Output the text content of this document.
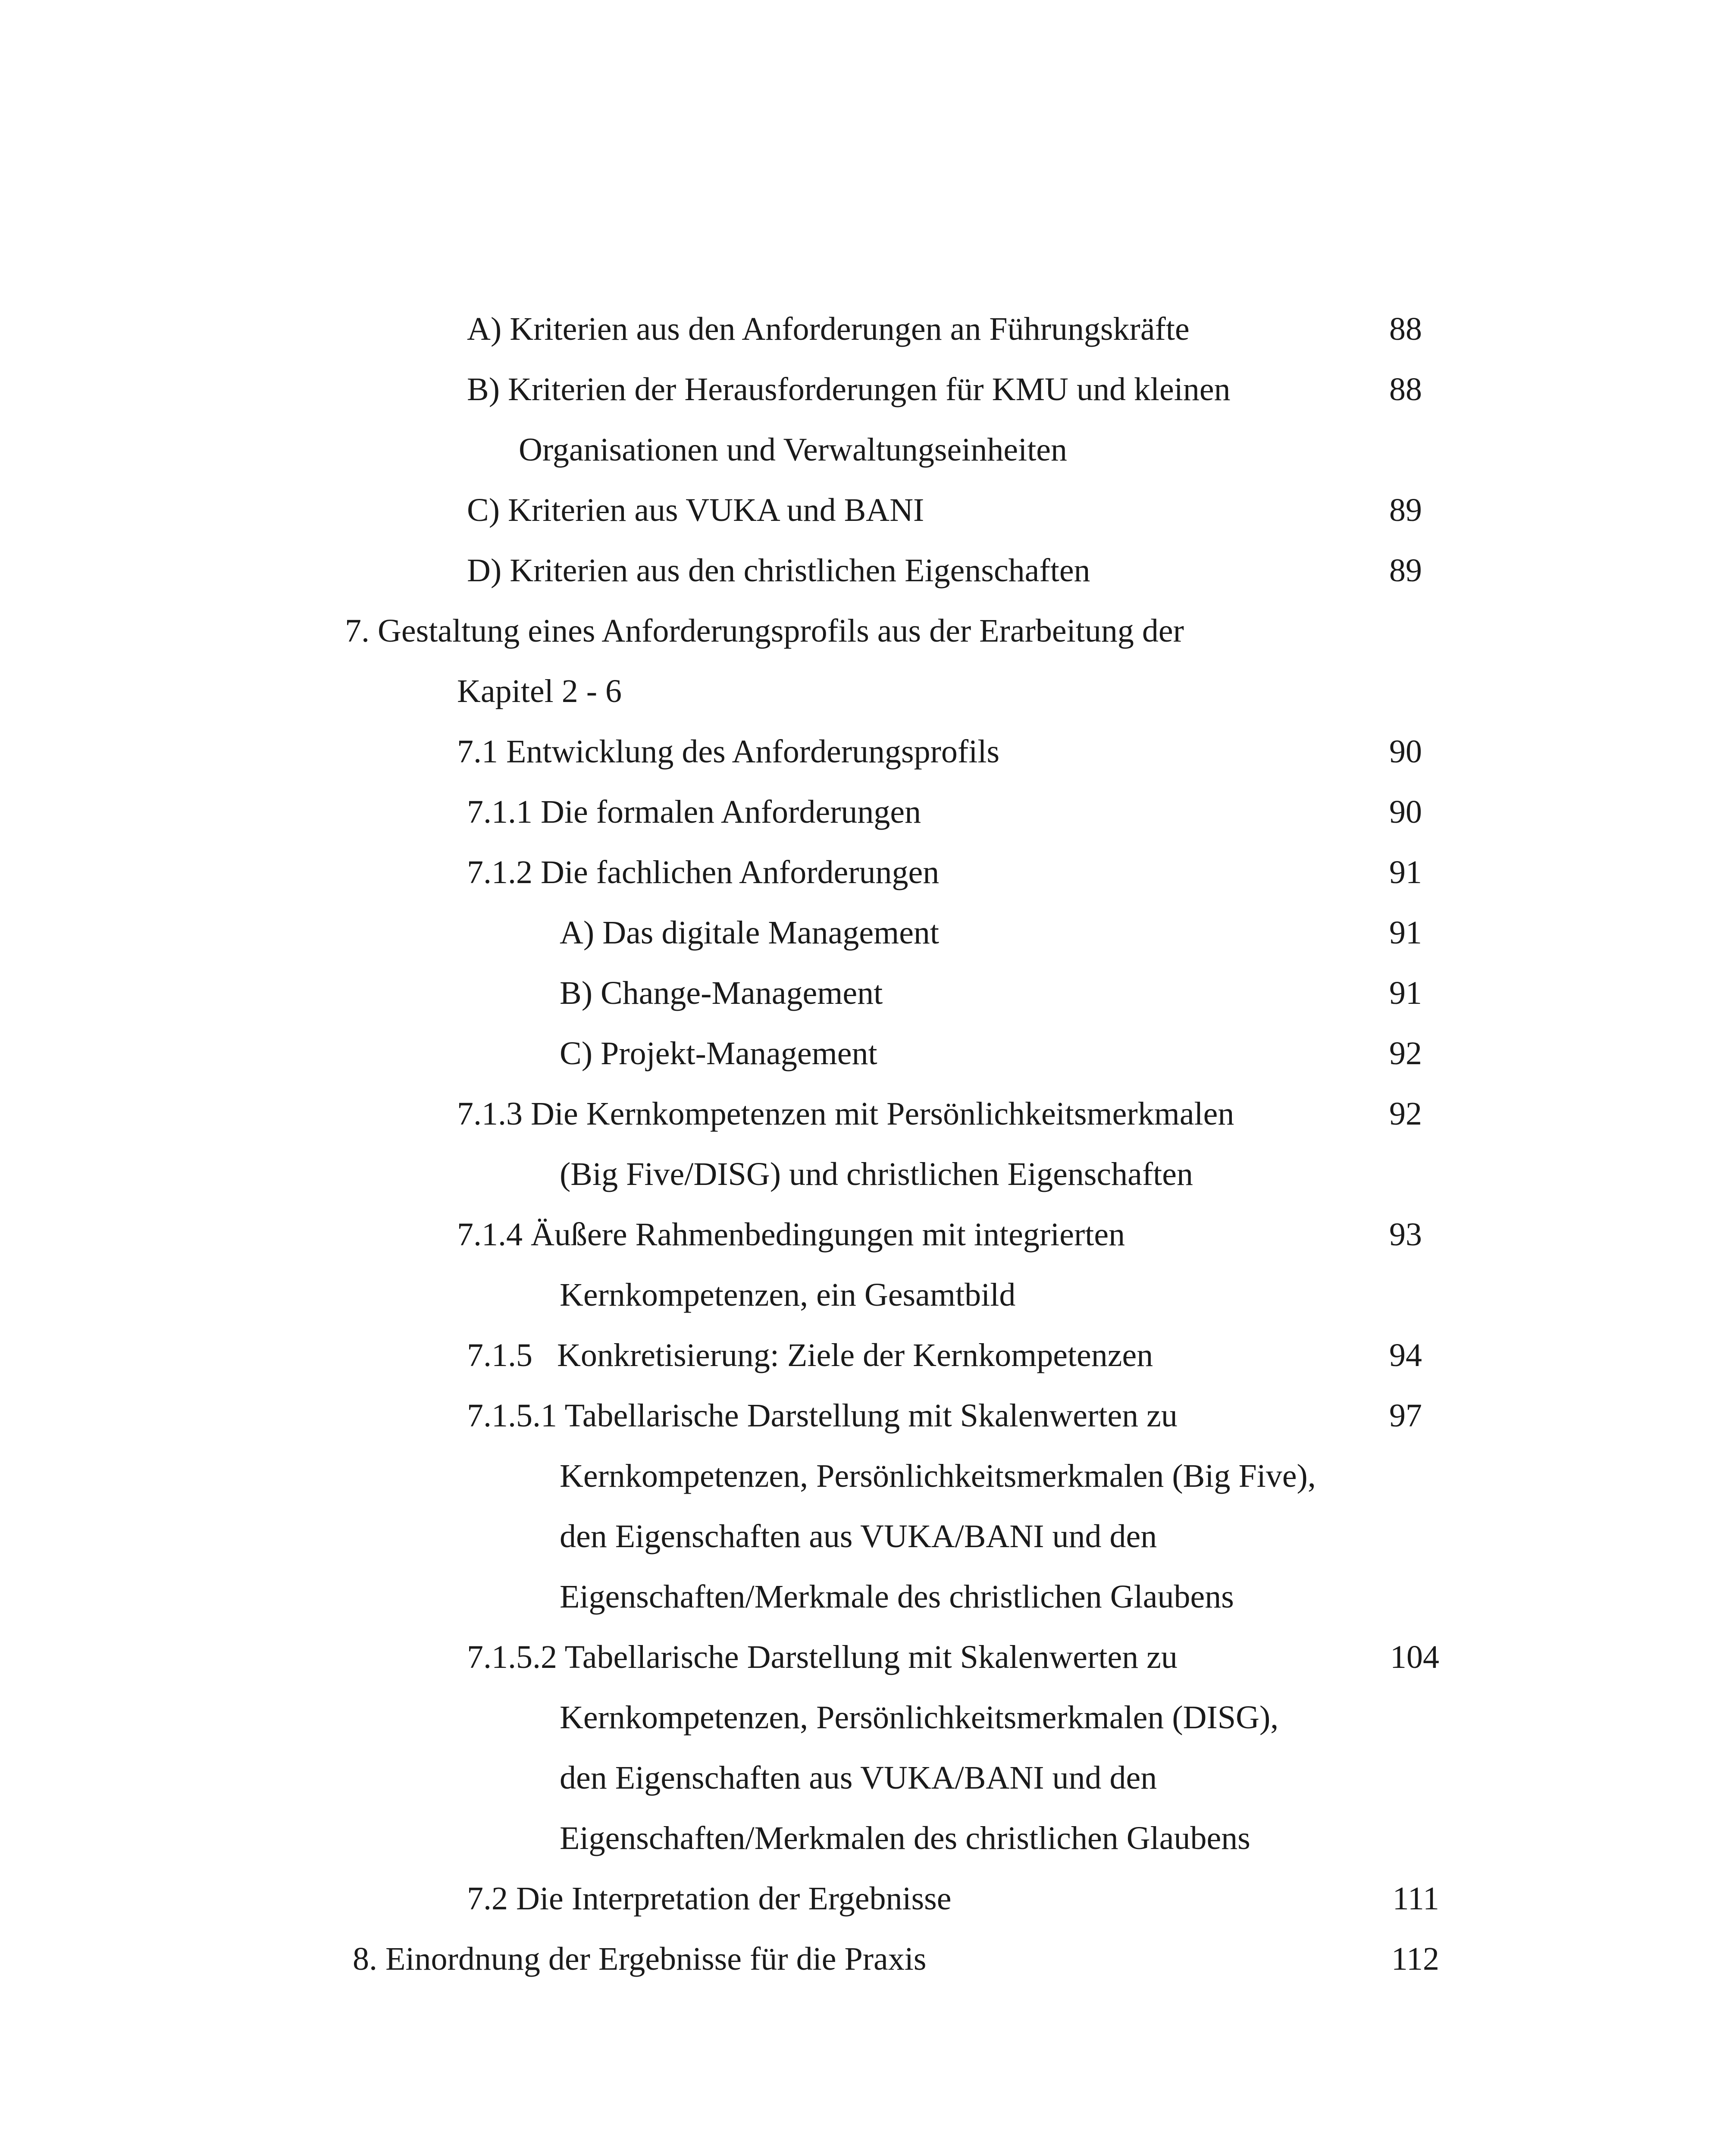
A) Kriterien aus den Anforderungen an Führungskräfte	88
B) Kriterien der Herausforderungen für KMU und kleinen	88
Organisationen und Verwaltungseinheiten
C) Kriterien aus VUKA und BANI	89
D) Kriterien aus den christlichen Eigenschaften	89
7. Gestaltung eines Anforderungsprofils aus der Erarbeitung der
Kapitel 2 - 6
7.1 Entwicklung des Anforderungsprofils	90
7.1.1 Die formalen Anforderungen	90
7.1.2 Die fachlichen Anforderungen	91
A) Das digitale Management	91
B) Change-Management	91
C) Projekt-Management	92
7.1.3 Die Kernkompetenzen mit Persönlichkeitsmerkmalen	92
(Big Five/DISG) und christlichen Eigenschaften
7.1.4 Äußere Rahmenbedingungen mit integrierten	93
Kernkompetenzen, ein Gesamtbild
7.1.5   Konkretisierung: Ziele der Kernkompetenzen	94
7.1.5.1 Tabellarische Darstellung mit Skalenwerten zu	97
Kernkompetenzen, Persönlichkeitsmerkmalen (Big Five),
den Eigenschaften aus VUKA/BANI und den
Eigenschaften/Merkmale des christlichen Glaubens
7.1.5.2 Tabellarische Darstellung mit Skalenwerten zu	104
Kernkompetenzen, Persönlichkeitsmerkmalen (DISG),
den Eigenschaften aus VUKA/BANI und den
Eigenschaften/Merkmalen des christlichen Glaubens
7.2 Die Interpretation der Ergebnisse	111
8. Einordnung der Ergebnisse für die Praxis	112
